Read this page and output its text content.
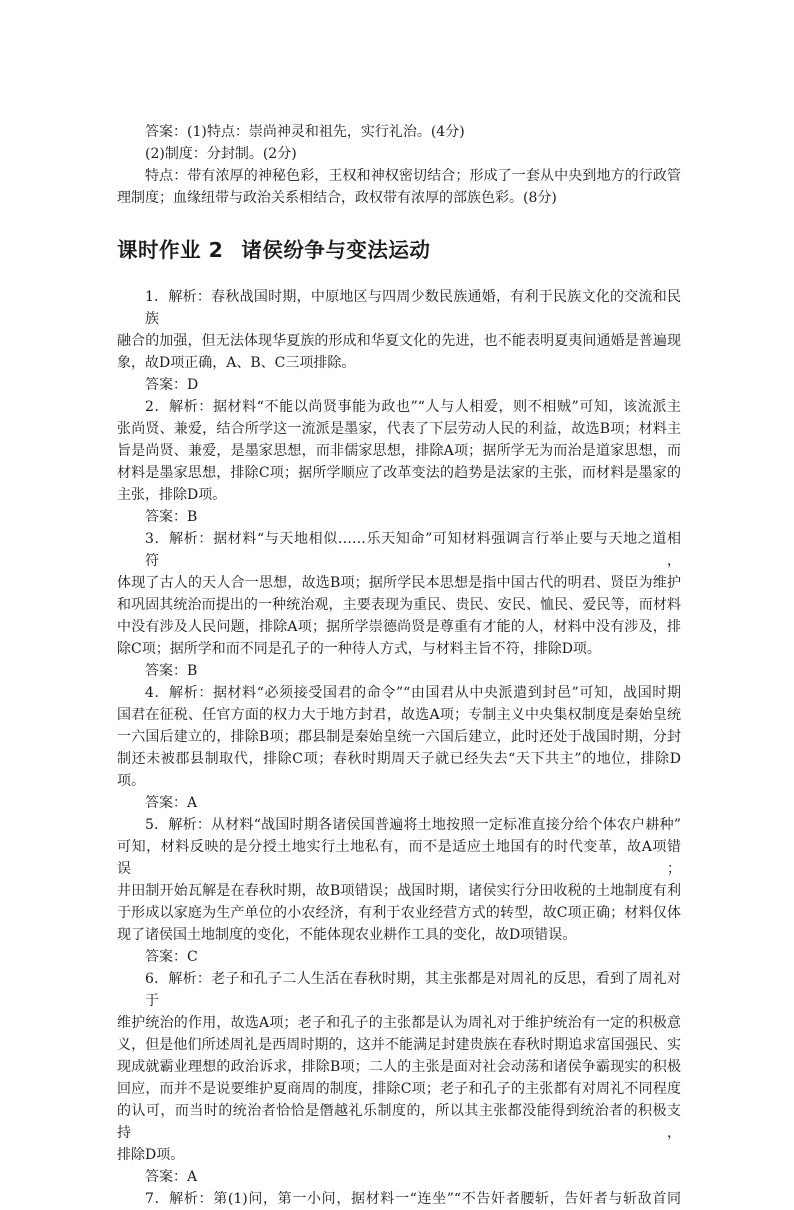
答案：(1)特点：崇尚神灵和祖先，实行礼治。(4分)

(2)制度：分封制。(2分)

特点：带有浓厚的神秘色彩，王权和神权密切结合；形成了一套从中央到地方的行政管

理制度；血缘纽带与政治关系相结合，政权带有浓厚的部族色彩。(8分)

课时作业 2 诸侯纷争与变法运动

1．解析：春秋战国时期，中原地区与四周少数民族通婚，有利于民族文化的交流和民族

融合的加强，但无法体现华夏族的形成和华夏文化的先进，也不能表明夏夷间通婚是普遍现

象，故D项正确，A、B、C三项排除。

答案：D

2．解析：据材料“不能以尚贤事能为政也”“人与人相爱，则不相贼”可知，该流派主

张尚贤、兼爱，结合所学这一流派是墨家，代表了下层劳动人民的利益，故选B项；材料主

旨是尚贤、兼爱，是墨家思想，而非儒家思想，排除A项；据所学无为而治是道家思想，而

材料是墨家思想，排除C项；据所学顺应了改革变法的趋势是法家的主张，而材料是墨家的

主张，排除D项。

答案：B

3．解析：据材料“与天地相似……乐天知命”可知材料强调言行举止要与天地之道相符，

体现了古人的天人合一思想，故选B项；据所学民本思想是指中国古代的明君、贤臣为维护

和巩固其统治而提出的一种统治观，主要表现为重民、贵民、安民、恤民、爱民等，而材料

中没有涉及人民问题，排除A项；据所学崇德尚贤是尊重有才能的人，材料中没有涉及，排

除C项；据所学和而不同是孔子的一种待人方式，与材料主旨不符，排除D项。

答案：B

4．解析：据材料“必须接受国君的命令”“由国君从中央派遣到封邑”可知，战国时期

国君在征税、任官方面的权力大于地方封君，故选A项；专制主义中央集权制度是秦始皇统

一六国后建立的，排除B项；郡县制是秦始皇统一六国后建立，此时还处于战国时期，分封

制还未被郡县制取代，排除C项；春秋时期周天子就已经失去“天下共主”的地位，排除D

项。

答案：A

5．解析：从材料“战国时期各诸侯国普遍将土地按照一定标准直接分给个体农户耕种”

可知，材料反映的是分授土地实行土地私有，而不是适应土地国有的时代变革，故A项错误；

井田制开始瓦解是在春秋时期，故B项错误；战国时期，诸侯实行分田收税的土地制度有利

于形成以家庭为生产单位的小农经济，有利于农业经营方式的转型，故C项正确；材料仅体

现了诸侯国土地制度的变化，不能体现农业耕作工具的变化，故D项错误。

答案：C

6．解析：老子和孔子二人生活在春秋时期，其主张都是对周礼的反思，看到了周礼对于

维护统治的作用，故选A项；老子和孔子的主张都是认为周礼对于维护统治有一定的积极意

义，但是他们所述周礼是西周时期的，这并不能满足封建贵族在春秋时期追求富国强民、实

现成就霸业理想的政治诉求，排除B项；二人的主张是面对社会动荡和诸侯争霸现实的积极

回应，而并不是说要维护夏商周的制度，排除C项；老子和孔子的主张都有对周礼不同程度

的认可，而当时的统治者恰恰是僭越礼乐制度的，所以其主张都没能得到统治者的积极支持，

排除D项。

答案：A

7．解析：第(1)问，第一小问，据材料一“连坐”“不告奸者腰斩，告奸者与斩敌首同
